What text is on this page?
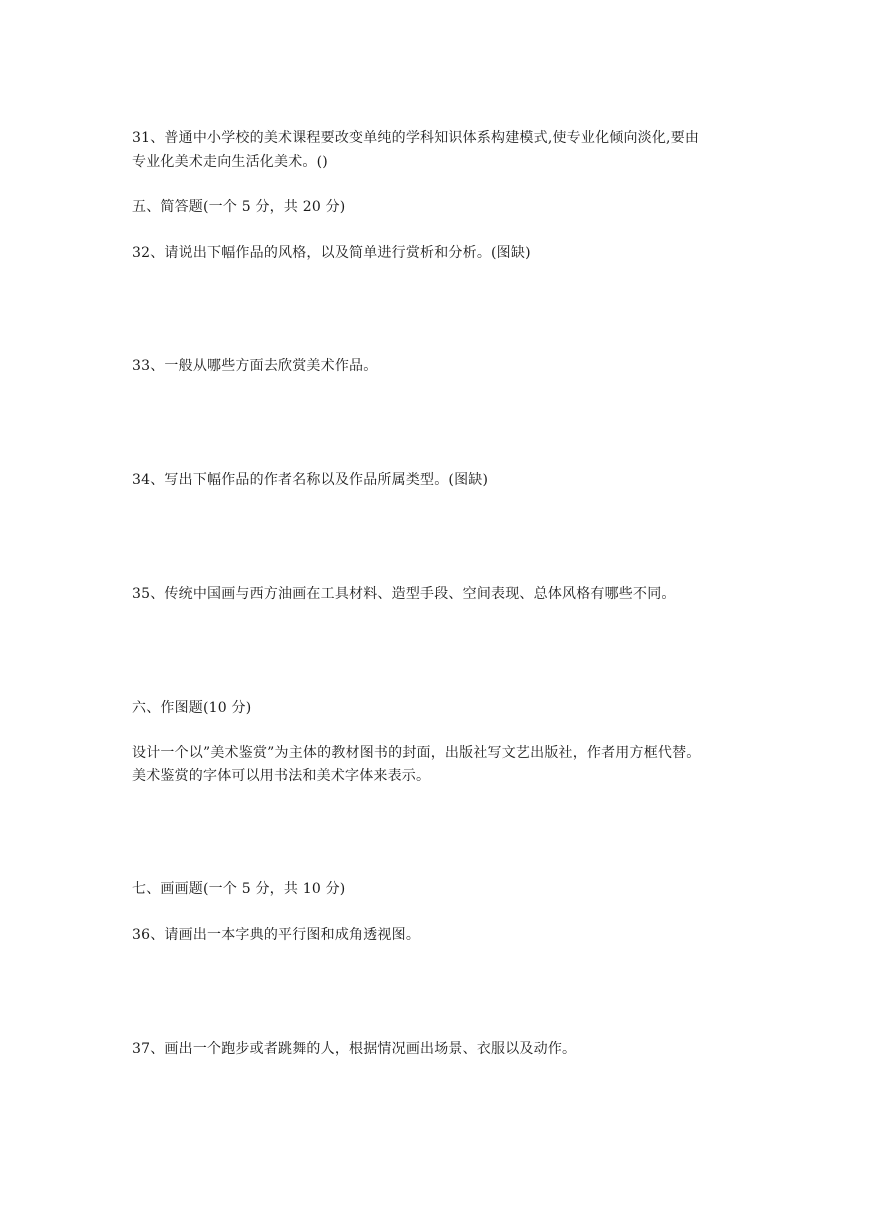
31、普通中小学校的美术课程要改变单纯的学科知识体系构建模式,使专业化倾向淡化,要由

专业化美术走向生活化美术。()

五、简答题(一个 5 分，共 20 分)

32、请说出下幅作品的风格，以及简单进行赏析和分析。(图缺)

33、一般从哪些方面去欣赏美术作品。

34、写出下幅作品的作者名称以及作品所属类型。(图缺)

35、传统中国画与西方油画在工具材料、造型手段、空间表现、总体风格有哪些不同。

六、作图题(10 分)

设计一个以”美术鉴赏”为主体的教材图书的封面，出版社写文艺出版社，作者用方框代替。

美术鉴赏的字体可以用书法和美术字体来表示。

七、画画题(一个 5 分，共 10 分)

36、请画出一本字典的平行图和成角透视图。

37、画出一个跑步或者跳舞的人，根据情况画出场景、衣服以及动作。
